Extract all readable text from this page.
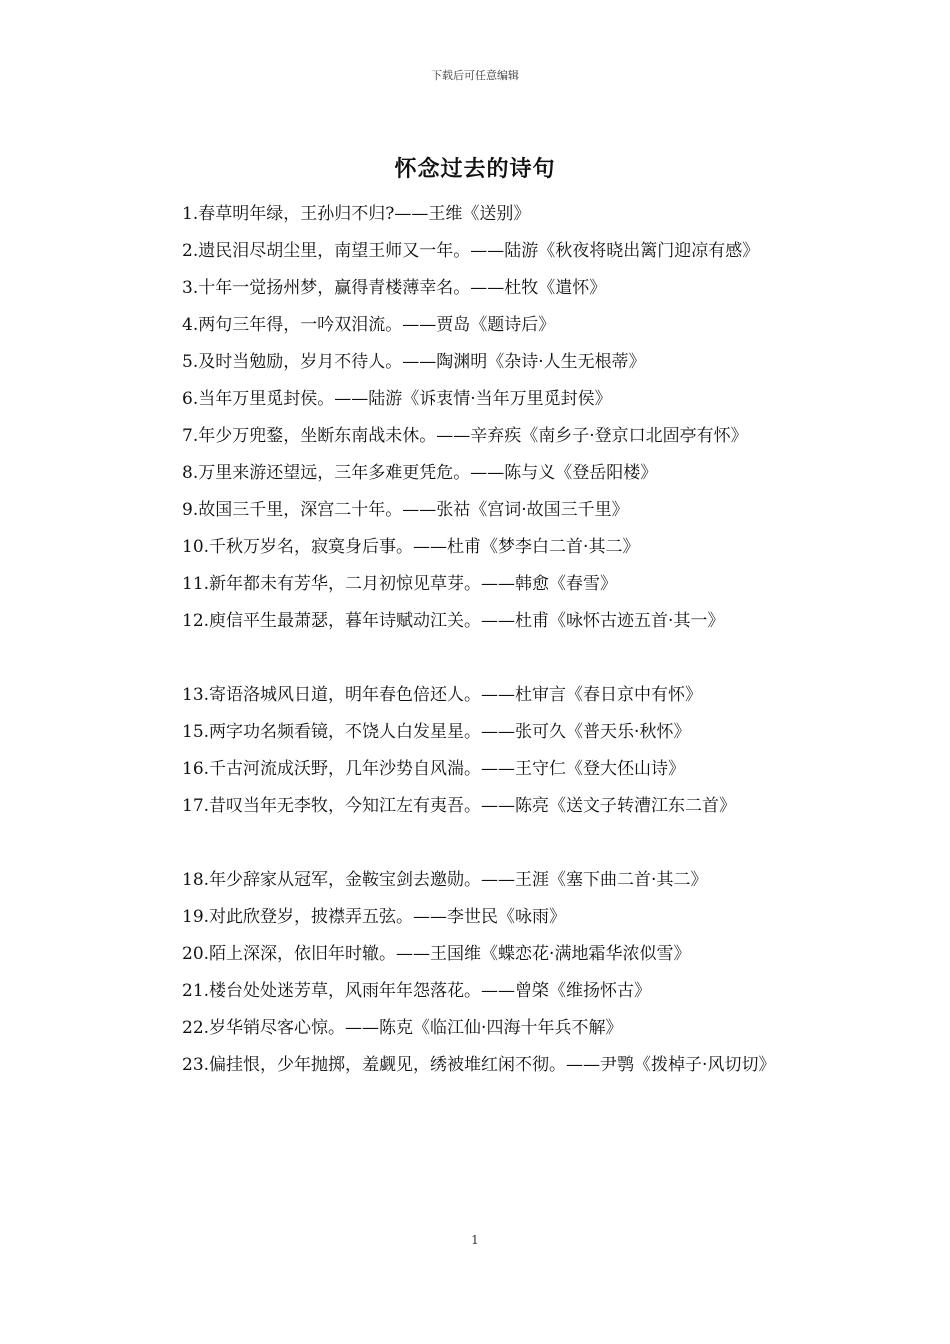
下载后可任意编辑
怀念过去的诗句

1.春草明年绿，王孙归不归?——王维《送别》

2.遗民泪尽胡尘里，南望王师又一年。——陆游《秋夜将晓出篱门迎凉有感》

3.十年一觉扬州梦，赢得青楼薄幸名。——杜牧《遣怀》

4.两句三年得，一吟双泪流。——贾岛《题诗后》

5.及时当勉励，岁月不待人。——陶渊明《杂诗·人生无根蒂》

6.当年万里觅封侯。——陆游《诉衷情·当年万里觅封侯》

7.年少万兜鍪，坐断东南战未休。——辛弃疾《南乡子·登京口北固亭有怀》

8.万里来游还望远，三年多难更凭危。——陈与义《登岳阳楼》

9.故国三千里，深宫二十年。——张祜《宫词·故国三千里》

10.千秋万岁名，寂寞身后事。——杜甫《梦李白二首·其二》

11.新年都未有芳华，二月初惊见草芽。——韩愈《春雪》

12.庾信平生最萧瑟，暮年诗赋动江关。——杜甫《咏怀古迹五首·其一》

13.寄语洛城风日道，明年春色倍还人。——杜审言《春日京中有怀》

15.两字功名频看镜，不饶人白发星星。——张可久《普天乐·秋怀》

16.千古河流成沃野，几年沙势自风湍。——王守仁《登大伾山诗》

17.昔叹当年无李牧，今知江左有夷吾。——陈亮《送文子转漕江东二首》

18.年少辞家从冠军，金鞍宝剑去邀勋。——王涯《塞下曲二首·其二》

19.对此欣登岁，披襟弄五弦。——李世民《咏雨》

20.陌上深深，依旧年时辙。——王国维《蝶恋花·满地霜华浓似雪》

21.楼台处处迷芳草，风雨年年怨落花。——曾棨《维扬怀古》

22.岁华销尽客心惊。——陈克《临江仙·四海十年兵不解》

23.偏挂恨，少年抛掷，羞觑见，绣被堆红闲不彻。——尹鹗《拨棹子·风切切》

1
